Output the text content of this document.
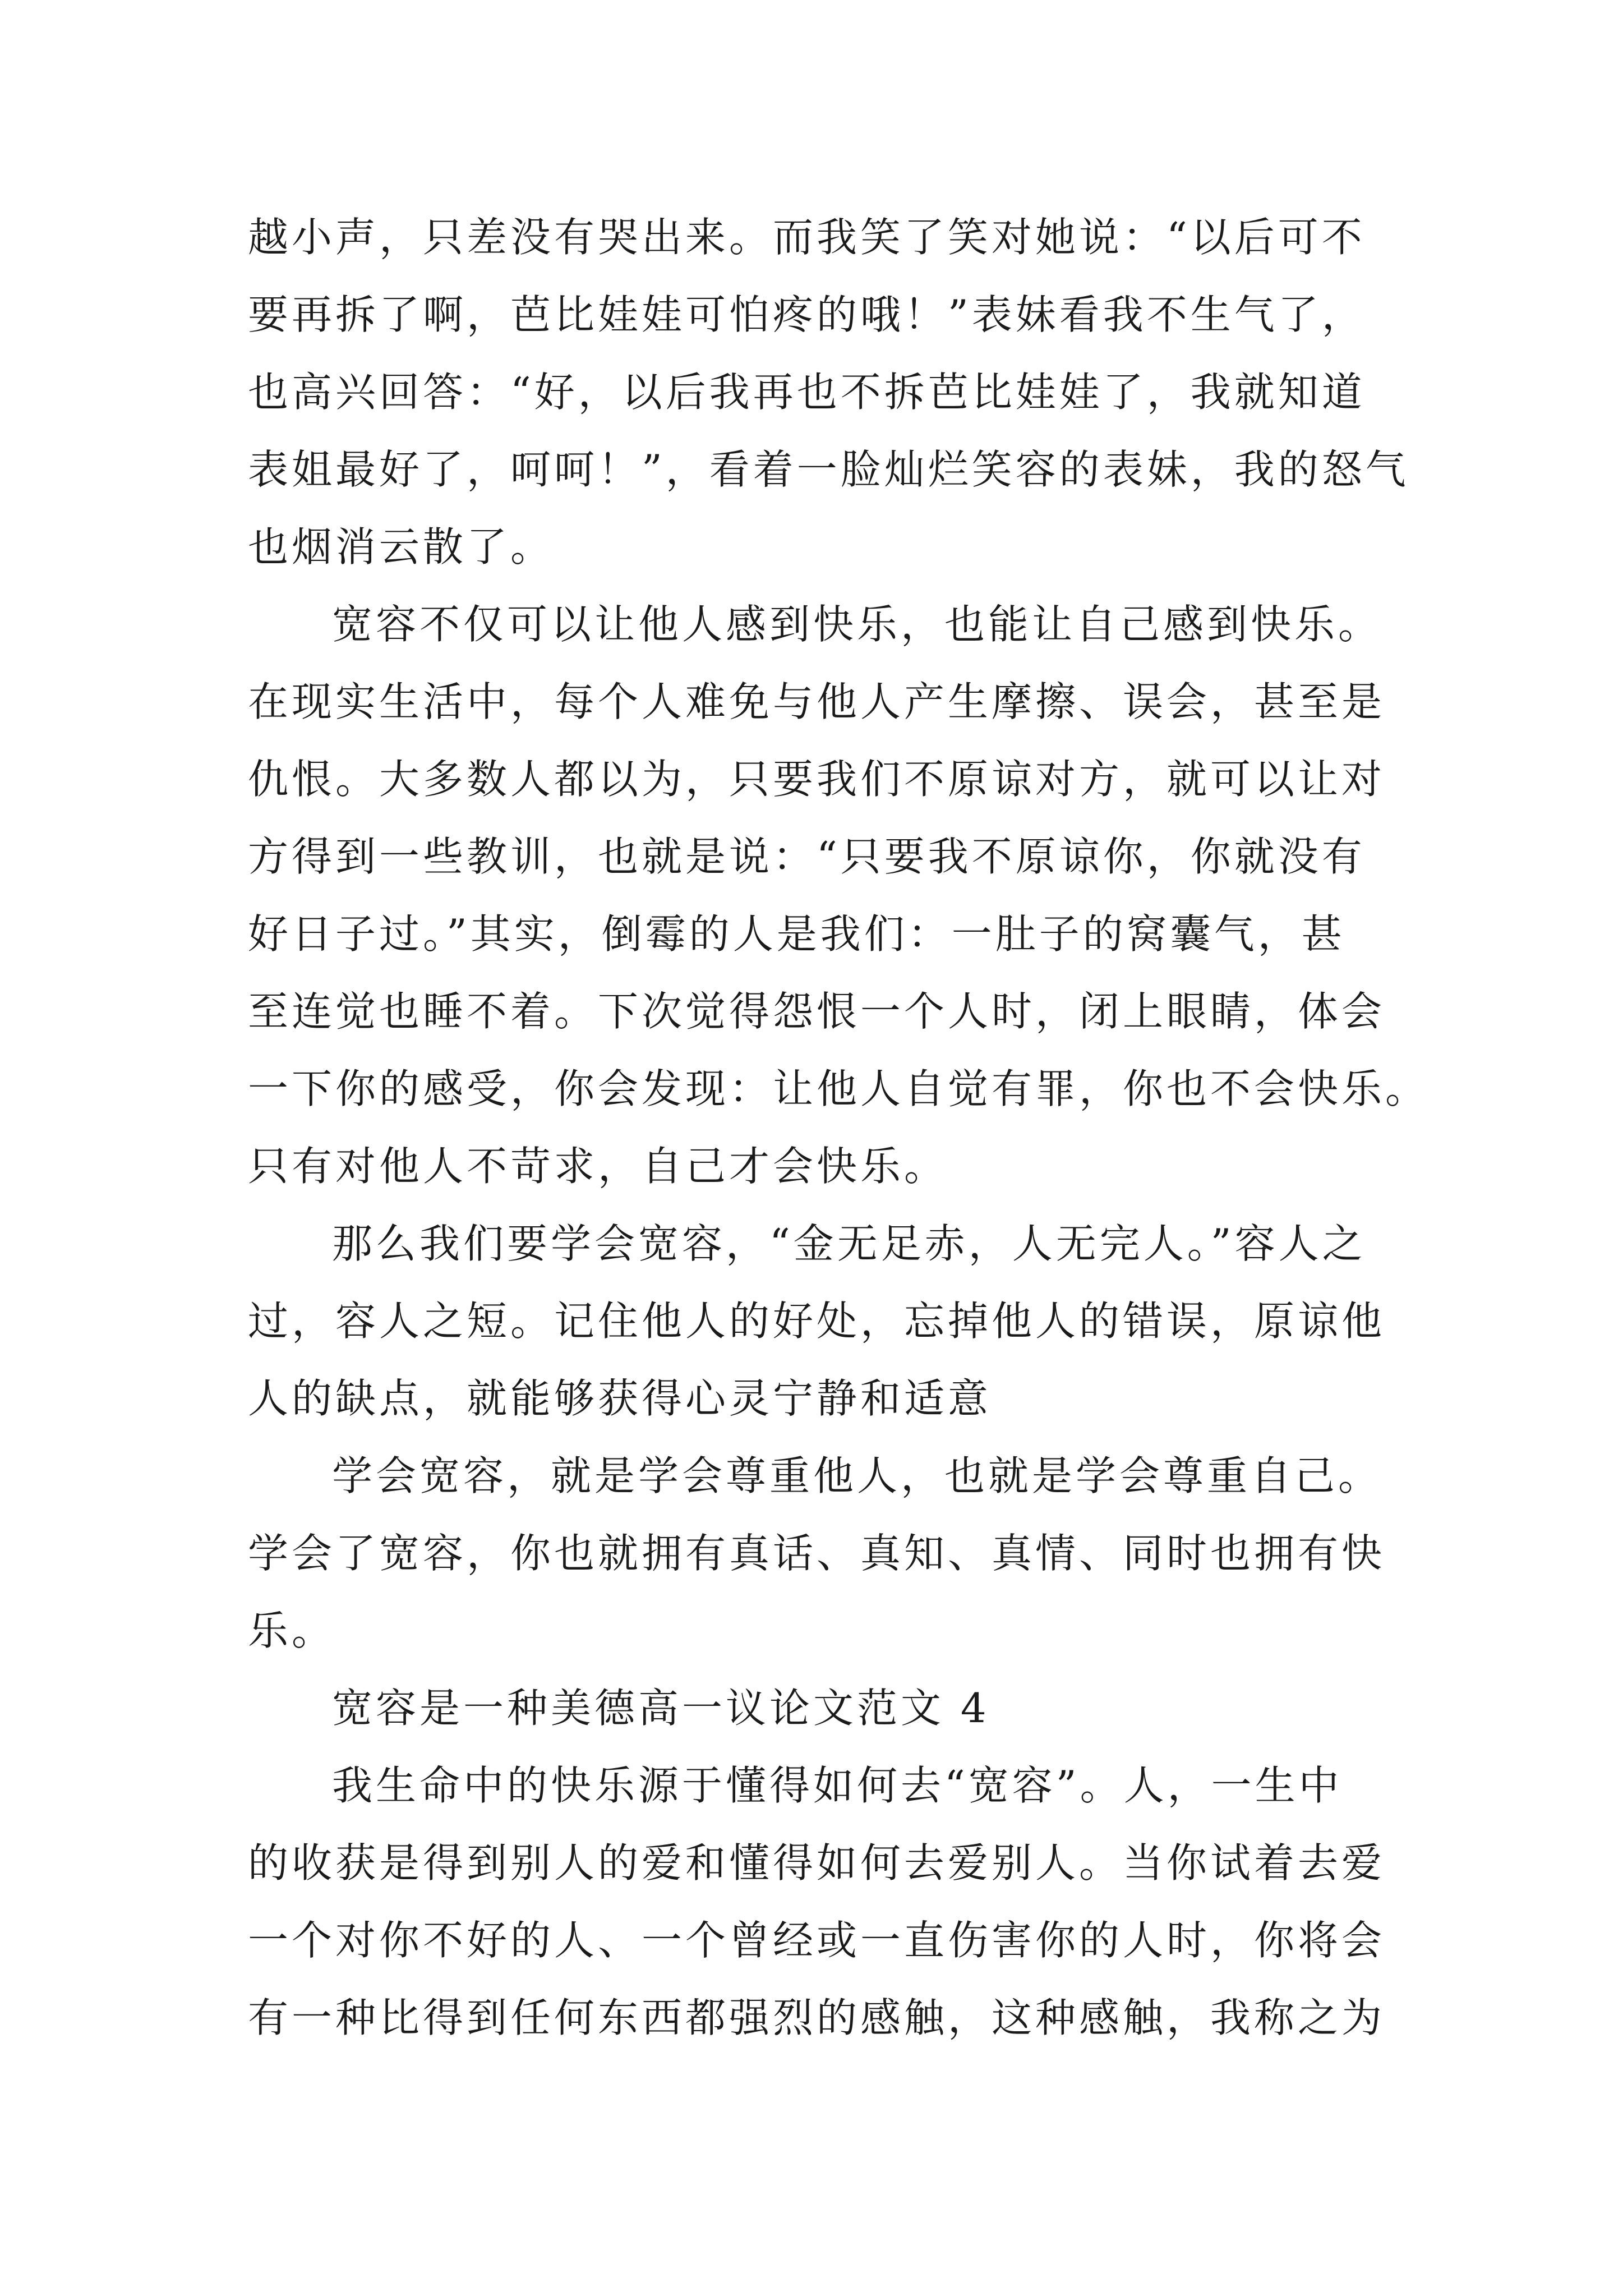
越小声，只差没有哭出来。而我笑了笑对她说：“以后可不
要再拆了啊，芭比娃娃可怕疼的哦！”表妹看我不生气了，
也高兴回答：“好，以后我再也不拆芭比娃娃了，我就知道
表姐最好了，呵呵！”，看着一脸灿烂笑容的表妹，我的怒气
也烟消云散了。
宽容不仅可以让他人感到快乐，也能让自己感到快乐。
在现实生活中，每个人难免与他人产生摩擦、误会，甚至是
仇恨。大多数人都以为，只要我们不原谅对方，就可以让对
方得到一些教训，也就是说：“只要我不原谅你，你就没有
好日子过。”其实，倒霉的人是我们：一肚子的窝囊气，甚
至连觉也睡不着。下次觉得怨恨一个人时，闭上眼睛，体会
一下你的感受，你会发现：让他人自觉有罪，你也不会快乐。
只有对他人不苛求，自己才会快乐。
那么我们要学会宽容，“金无足赤，人无完人。”容人之
过，容人之短。记住他人的好处，忘掉他人的错误，原谅他
人的缺点，就能够获得心灵宁静和适意
学会宽容，就是学会尊重他人，也就是学会尊重自己。
学会了宽容，你也就拥有真话、真知、真情、同时也拥有快
乐。
宽容是一种美德高一议论文范文 4
我生命中的快乐源于懂得如何去“宽容”。人，一生中
的收获是得到别人的爱和懂得如何去爱别人。当你试着去爱
一个对你不好的人、一个曾经或一直伤害你的人时，你将会
有一种比得到任何东西都强烈的感触，这种感触，我称之为
